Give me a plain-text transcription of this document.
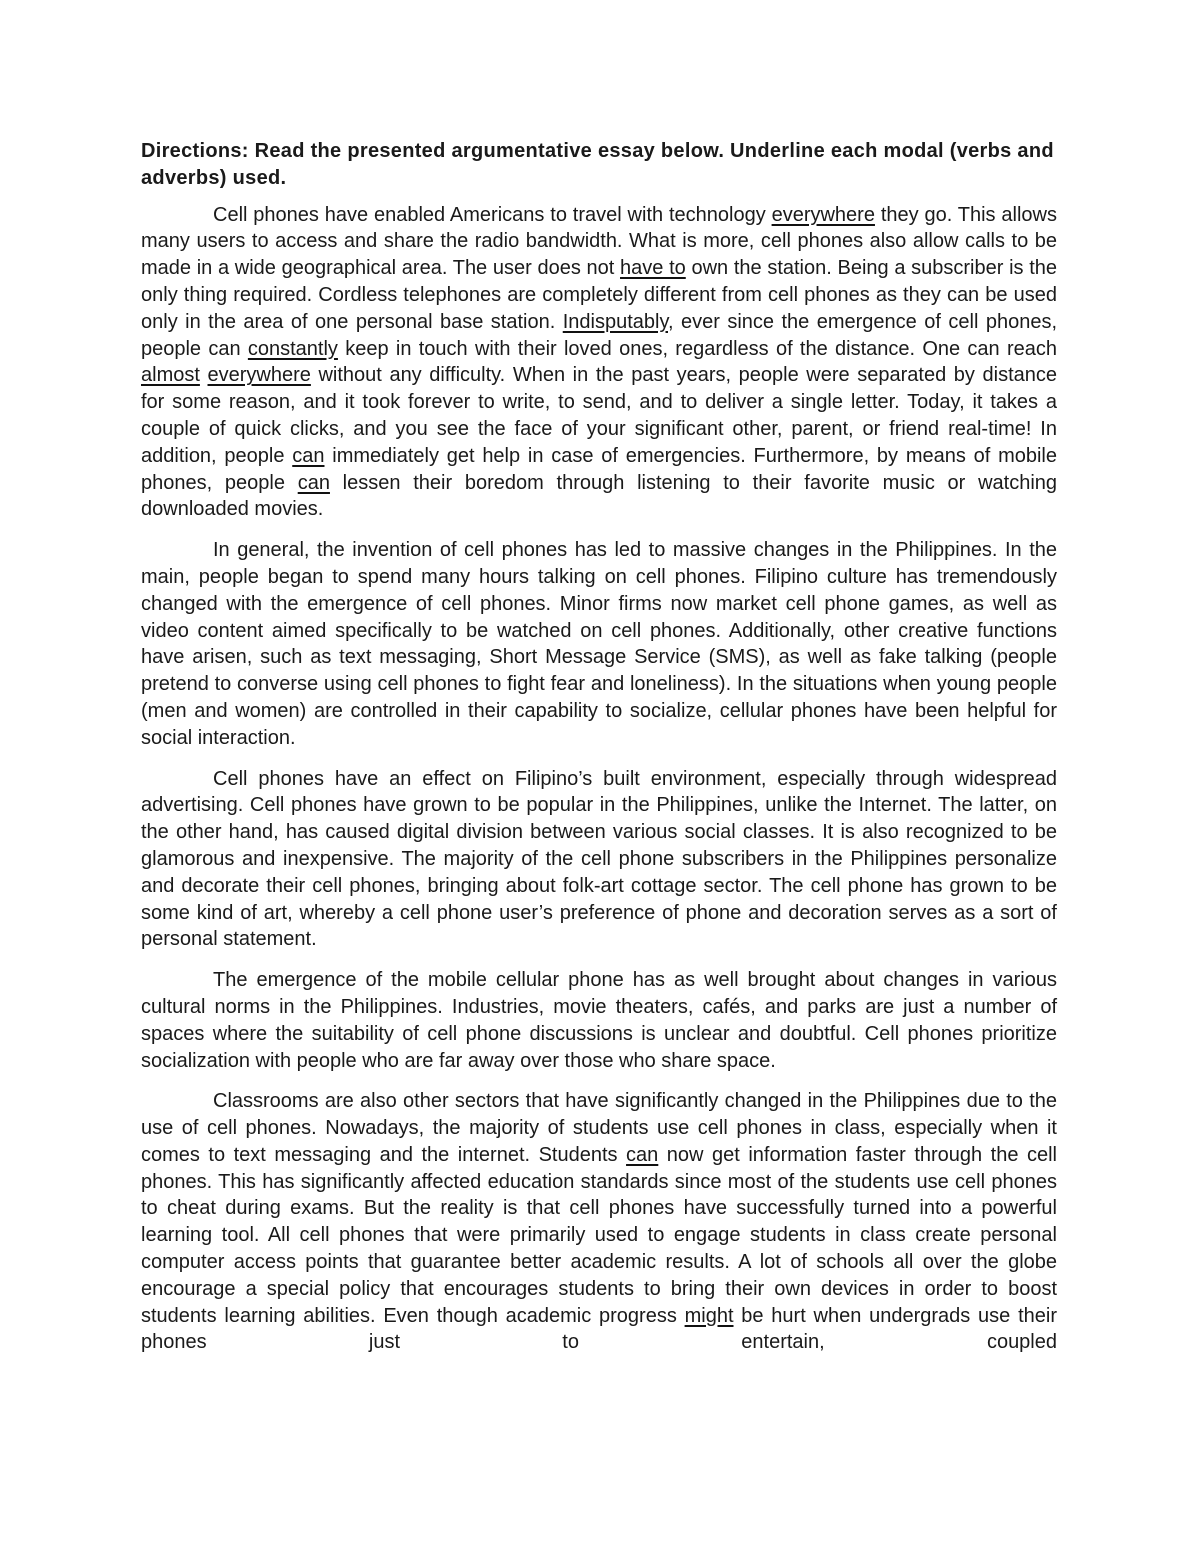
Directions: Read the presented argumentative essay below. Underline each modal (verbs and adverbs) used.

Cell phones have enabled Americans to travel with technology everywhere they go. This allows many users to access and share the radio bandwidth. What is more, cell phones also allow calls to be made in a wide geographical area. The user does not have to own the station. Being a subscriber is the only thing required. Cordless telephones are completely different from cell phones as they can be used only in the area of one personal base station. Indisputably, ever since the emergence of cell phones, people can constantly keep in touch with their loved ones, regardless of the distance. One can reach almost everywhere without any difficulty. When in the past years, people were separated by distance for some reason, and it took forever to write, to send, and to deliver a single letter. Today, it takes a couple of quick clicks, and you see the face of your significant other, parent, or friend real-time! In addition, people can immediately get help in case of emergencies. Furthermore, by means of mobile phones, people can lessen their boredom through listening to their favorite music or watching downloaded movies.

In general, the invention of cell phones has led to massive changes in the Philippines. In the main, people began to spend many hours talking on cell phones. Filipino culture has tremendously changed with the emergence of cell phones. Minor firms now market cell phone games, as well as video content aimed specifically to be watched on cell phones. Additionally, other creative functions have arisen, such as text messaging, Short Message Service (SMS), as well as fake talking (people pretend to converse using cell phones to fight fear and loneliness). In the situations when young people (men and women) are controlled in their capability to socialize, cellular phones have been helpful for social interaction.

Cell phones have an effect on Filipino’s built environment, especially through widespread advertising. Cell phones have grown to be popular in the Philippines, unlike the Internet. The latter, on the other hand, has caused digital division between various social classes. It is also recognized to be glamorous and inexpensive. The majority of the cell phone subscribers in the Philippines personalize and decorate their cell phones, bringing about folk-art cottage sector. The cell phone has grown to be some kind of art, whereby a cell phone user’s preference of phone and decoration serves as a sort of personal statement.

The emergence of the mobile cellular phone has as well brought about changes in various cultural norms in the Philippines. Industries, movie theaters, cafés, and parks are just a number of spaces where the suitability of cell phone discussions is unclear and doubtful. Cell phones prioritize socialization with people who are far away over those who share space.

Classrooms are also other sectors that have significantly changed in the Philippines due to the use of cell phones. Nowadays, the majority of students use cell phones in class, especially when it comes to text messaging and the internet. Students can now get information faster through the cell phones. This has significantly affected education standards since most of the students use cell phones to cheat during exams. But the reality is that cell phones have successfully turned into a powerful learning tool. All cell phones that were primarily used to engage students in class create personal computer access points that guarantee better academic results. A lot of schools all over the globe encourage a special policy that encourages students to bring their own devices in order to boost students learning abilities. Even though academic progress might be hurt when undergrads use their phones just to entertain, coupled
